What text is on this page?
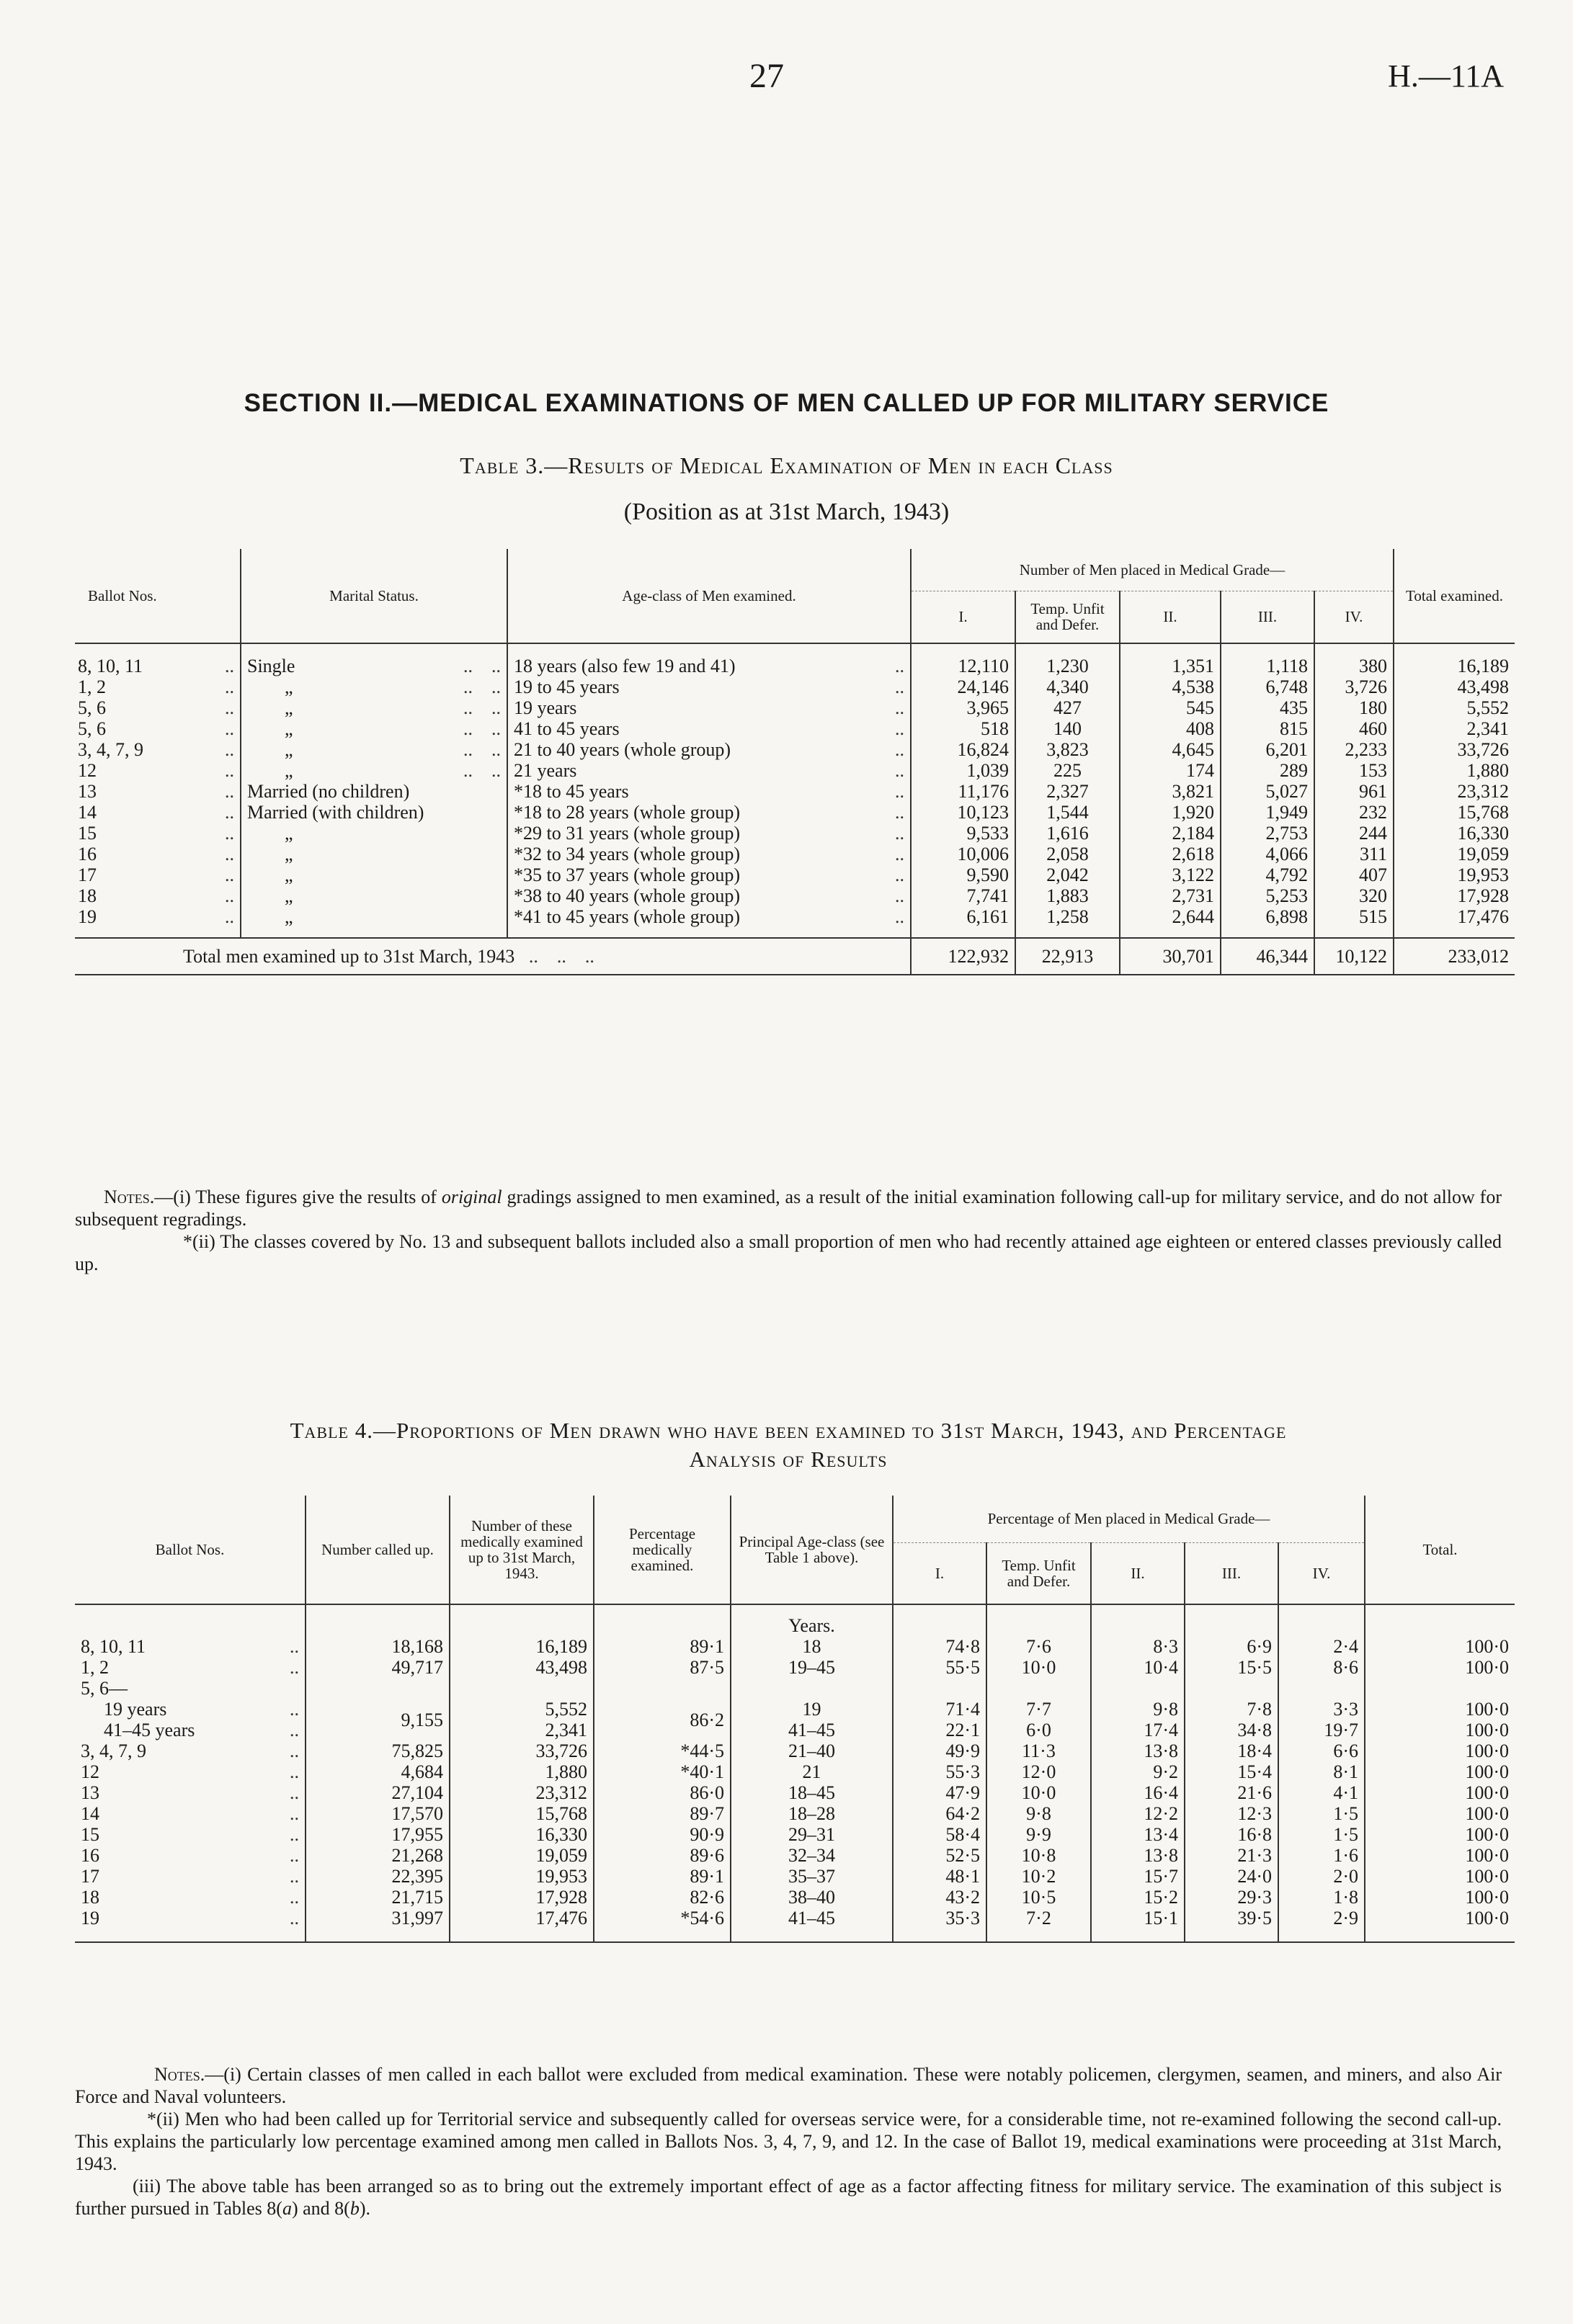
27	H.—11A
SECTION II.—MEDICAL EXAMINATIONS OF MEN CALLED UP FOR MILITARY SERVICE
Table 3.—Results of Medical Examination of Men in each Class
(Position as at 31st March, 1943)
Ballot Nos.	Marital Status.	Age-class of Men examined.	Number of Men placed in Medical Grade—					Total examined.
			I.	Temp. Unfit and Defer.	II.	III.	IV.	
8, 10, 11 ..	Single ..    ..	18 years (also few 19 and 41) ..	12,110	1,230	1,351	1,118	380	16,189
1, 2 ..	„ ..    ..	19 to 45 years ..	24,146	4,340	4,538	6,748	3,726	43,498
5, 6 ..	„ ..    ..	19 years ..	3,965	427	545	435	180	5,552
5, 6 ..	„ ..    ..	41 to 45 years ..	518	140	408	815	460	2,341
3, 4, 7, 9 ..	„ ..    ..	21 to 40 years (whole group) ..	16,824	3,823	4,645	6,201	2,233	33,726
12 ..	„ ..    ..	21 years ..	1,039	225	174	289	153	1,880
13 ..	Married (no children)	*18 to 45 years ..	11,176	2,327	3,821	5,027	961	23,312
14 ..	Married (with children)	*18 to 28 years (whole group) ..	10,123	1,544	1,920	1,949	232	15,768
15 ..	„	*29 to 31 years (whole group) ..	9,533	1,616	2,184	2,753	244	16,330
16 ..	„	*32 to 34 years (whole group) ..	10,006	2,058	2,618	4,066	311	19,059
17 ..	„	*35 to 37 years (whole group) ..	9,590	2,042	3,122	4,792	407	19,953
18 ..	„	*38 to 40 years (whole group) ..	7,741	1,883	2,731	5,253	320	17,928
19 ..	„	*41 to 45 years (whole group) ..	6,161	1,258	2,644	6,898	515	17,476
Total men examined up to 31st March, 1943   ..    ..    ..			122,932	22,913	30,701	46,344	10,122	233,012

Notes.—(i) These figures give the results of original gradings assigned to men examined, as a result of the initial examination following call-up for military service, and do not allow for subsequent regradings.

*(ii) The classes covered by No. 13 and subsequent ballots included also a small proportion of men who had recently attained age eighteen or entered classes previously called up.

Table 4.—Proportions of Men drawn who have been examined to 31st March, 1943, and Percentage
Analysis of Results
Ballot Nos.	Number called up.	Number of these medically examined up to 31st March, 1943.	Percentage medically examined.	Principal Age-class (see Table 1 above).	Percentage of Men placed in Medical Grade—					Total.
					I.	Temp. Unfit and Defer.	II.	III.	IV.	
				Years.						
8, 10, 11 ..	18,168	16,189	89·1	18	74·8	7·6	8·3	6·9	2·4	100·0
1, 2 ..	49,717	43,498	87·5	19–45	55·5	10·0	10·4	15·5	8·6	100·0
5, 6—										
19 years ..	9,155	5,552	86·2	19	71·4	7·7	9·8	7·8	3·3	100·0
41–45 years ..		2,341		41–45	22·1	6·0	17·4	34·8	19·7	100·0
3, 4, 7, 9 ..	75,825	33,726	*44·5	21–40	49·9	11·3	13·8	18·4	6·6	100·0
12 ..	4,684	1,880	*40·1	21	55·3	12·0	9·2	15·4	8·1	100·0
13 ..	27,104	23,312	86·0	18–45	47·9	10·0	16·4	21·6	4·1	100·0
14 ..	17,570	15,768	89·7	18–28	64·2	9·8	12·2	12·3	1·5	100·0
15 ..	17,955	16,330	90·9	29–31	58·4	9·9	13·4	16·8	1·5	100·0
16 ..	21,268	19,059	89·6	32–34	52·5	10·8	13·8	21·3	1·6	100·0
17 ..	22,395	19,953	89·1	35–37	48·1	10·2	15·7	24·0	2·0	100·0
18 ..	21,715	17,928	82·6	38–40	43·2	10·5	15·2	29·3	1·8	100·0
19 ..	31,997	17,476	*54·6	41–45	35·3	7·2	15·1	39·5	2·9	100·0

Notes.—(i) Certain classes of men called in each ballot were excluded from medical examination. These were notably policemen, clergymen, seamen, and miners, and also Air Force and Naval volunteers.

*(ii) Men who had been called up for Territorial service and subsequently called for overseas service were, for a considerable time, not re-examined following the second call-up. This explains the particularly low percentage examined among men called in Ballots Nos. 3, 4, 7, 9, and 12. In the case of Ballot 19, medical examinations were proceeding at 31st March, 1943.

(iii) The above table has been arranged so as to bring out the extremely important effect of age as a factor affecting fitness for military service. The examination of this subject is further pursued in Tables 8(a) and 8(b).
